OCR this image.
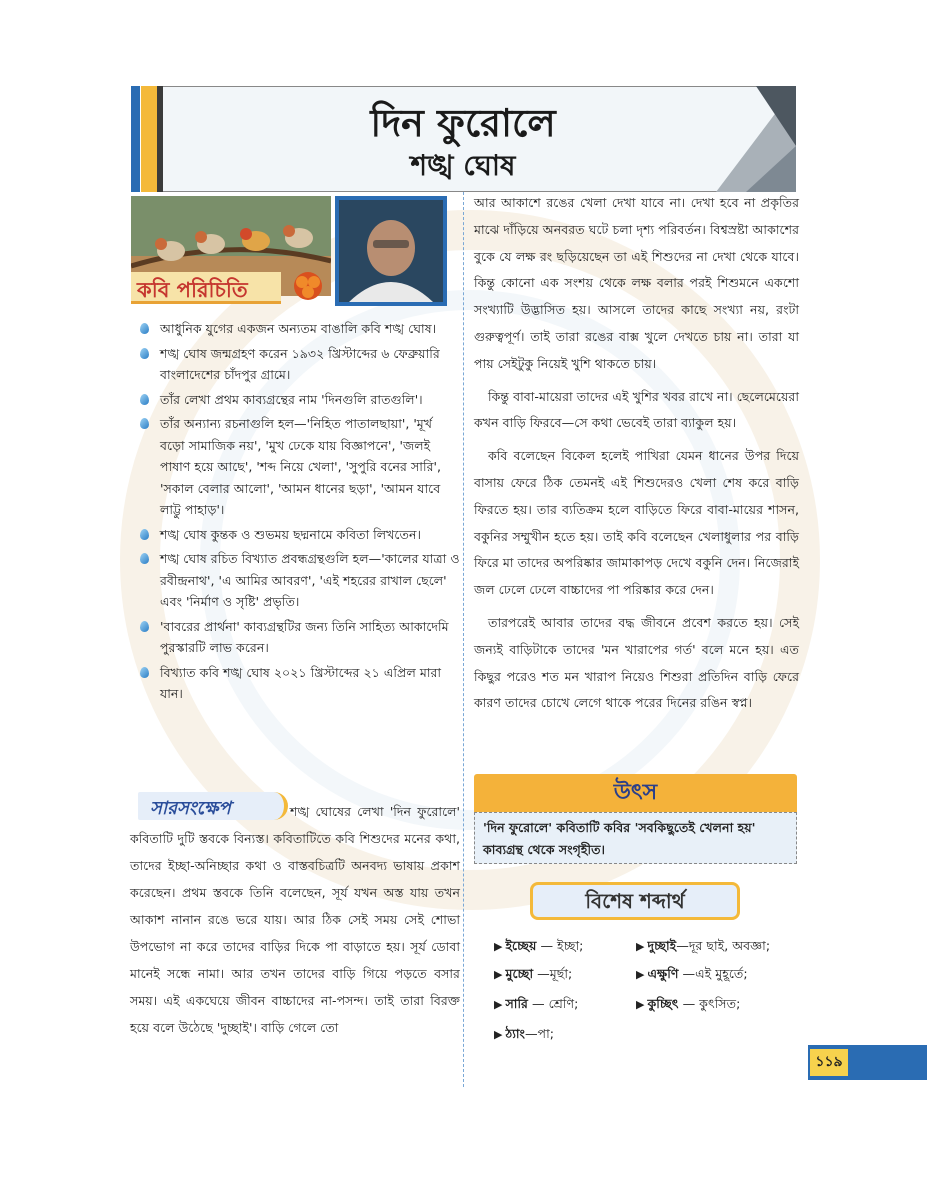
দিন ফুরোলে
শঙ্খ ঘোষ
কবি পরিচিতি
আধুনিক যুগের একজন অন্যতম বাঙালি কবি শঙ্খ ঘোষ।
শঙ্খ ঘোষ জন্মগ্রহণ করেন ১৯৩২ খ্রিস্টাব্দের ৬ ফেব্রুয়ারি বাংলাদেশের চাঁদপুর গ্রামে।
তাঁর লেখা প্রথম কাব্যগ্রন্থের নাম 'দিনগুলি রাতগুলি'।
তাঁর অন্যান্য রচনাগুলি হল—'নিহিত পাতালছায়া', 'মূর্খ বড়ো সামাজিক নয়', 'মুখ ঢেকে যায় বিজ্ঞাপনে', 'জলই পাষাণ হয়ে আছে', 'শব্দ নিয়ে খেলা', 'সুপুরি বনের সারি', 'সকাল বেলার আলো', 'আমন ধানের ছড়া', 'আমন যাবে লাট্টু পাহাড়'।
শঙ্খ ঘোষ কুন্তক ও শুভময় ছদ্মনামে কবিতা লিখতেন।
শঙ্খ ঘোষ রচিত বিখ্যাত প্রবন্ধগ্রন্থগুলি হল—'কালের যাত্রা ও রবীন্দ্রনাথ', 'এ আমির আবরণ', 'এই শহরের রাখাল ছেলে' এবং 'নির্মাণ ও সৃষ্টি' প্রভৃতি।
'বাবরের প্রার্থনা' কাব্যগ্রন্থটির জন্য তিনি সাহিত্য আকাদেমি পুরস্কারটি লাভ করেন।
বিখ্যাত কবি শঙ্খ ঘোষ ২০২১ খ্রিস্টাব্দের ২১ এপ্রিল মারা যান।
শঙ্খ ঘোষের লেখা 'দিন ফুরোলে' কবিতাটি দুটি স্তবকে বিন্যস্ত। কবিতাটিতে কবি শিশুদের মনের কথা, তাদের ইচ্ছা-অনিচ্ছার কথা ও বাস্তবচিত্রটি অনবদ্য ভাষায় প্রকাশ করেছেন। প্রথম স্তবকে তিনি বলেছেন, সূর্য যখন অস্ত যায় তখন আকাশ নানান রঙে ভরে যায়। আর ঠিক সেই সময় সেই শোভা উপভোগ না করে তাদের বাড়ির দিকে পা বাড়াতে হয়। সূর্য ডোবা মানেই সন্ধে নামা। আর তখন তাদের বাড়ি গিয়ে পড়তে বসার সময়। এই একঘেয়ে জীবন বাচ্চাদের না-পসন্দ। তাই তারা বিরক্ত হয়ে বলে উঠেছে 'দুচ্ছাই'। বাড়ি গেলে তো
সারসংক্ষেপ

আর আকাশে রঙের খেলা দেখা যাবে না। দেখা হবে না প্রকৃতির মাঝে দাঁড়িয়ে অনবরত ঘটে চলা দৃশ্য পরিবর্তন। বিশ্বস্রষ্টা আকাশের বুকে যে লক্ষ রং ছড়িয়েছেন তা এই শিশুদের না দেখা থেকে যাবে। কিন্তু কোনো এক সংশয় থেকে লক্ষ বলার পরই শিশুমনে একশো সংখ্যাটি উদ্ভাসিত হয়। আসলে তাদের কাছে সংখ্যা নয়, রংটা গুরুত্বপূর্ণ। তাই তারা রঙের বাক্স খুলে দেখতে চায় না। তারা যা পায় সেইটুকু নিয়েই খুশি থাকতে চায়।

কিন্তু বাবা-মায়েরা তাদের এই খুশির খবর রাখে না। ছেলেমেয়েরা কখন বাড়ি ফিরবে—সে কথা ভেবেই তারা ব্যাকুল হয়।

কবি বলেছেন বিকেল হলেই পাখিরা যেমন ধানের উপর দিয়ে বাসায় ফেরে ঠিক তেমনই এই শিশুদেরও খেলা শেষ করে বাড়ি ফিরতে হয়। তার ব্যতিক্রম হলে বাড়িতে ফিরে বাবা-মায়ের শাসন, বকুনির সম্মুখীন হতে হয়। তাই কবি বলেছেন খেলাধুলার পর বাড়ি ফিরে মা তাদের অপরিষ্কার জামাকাপড় দেখে বকুনি দেন। নিজেরাই জল ঢেলে ঢেলে বাচ্চাদের পা পরিষ্কার করে দেন।

তারপরেই আবার তাদের বদ্ধ জীবনে প্রবেশ করতে হয়। সেই জন্যই বাড়িটাকে তাদের 'মন খারাপের গর্ত' বলে মনে হয়। এত কিছুর পরেও শত মন খারাপ নিয়েও শিশুরা প্রতিদিন বাড়ি ফেরে কারণ তাদের চোখে লেগে থাকে পরের দিনের রঙিন স্বপ্ন।

উৎস
'দিন ফুরোলে' কবিতাটি কবির 'সবকিছুতেই খেলনা হয়' কাব্যগ্রন্থ থেকে সংগৃহীত।
বিশেষ শব্দার্থ
▶ ইচ্ছেয় — ইচ্ছা;	▶ দুচ্ছাই—দূর ছাই, অবজ্ঞা;
▶ মুচ্ছো —মূর্ছা;	▶ এক্ষুণি —এই মুহূর্তে;
▶ সারি — শ্রেণি;	▶ কুচ্ছিৎ — কুৎসিত;
▶ ঠ্যাং—পা;
১১৯
